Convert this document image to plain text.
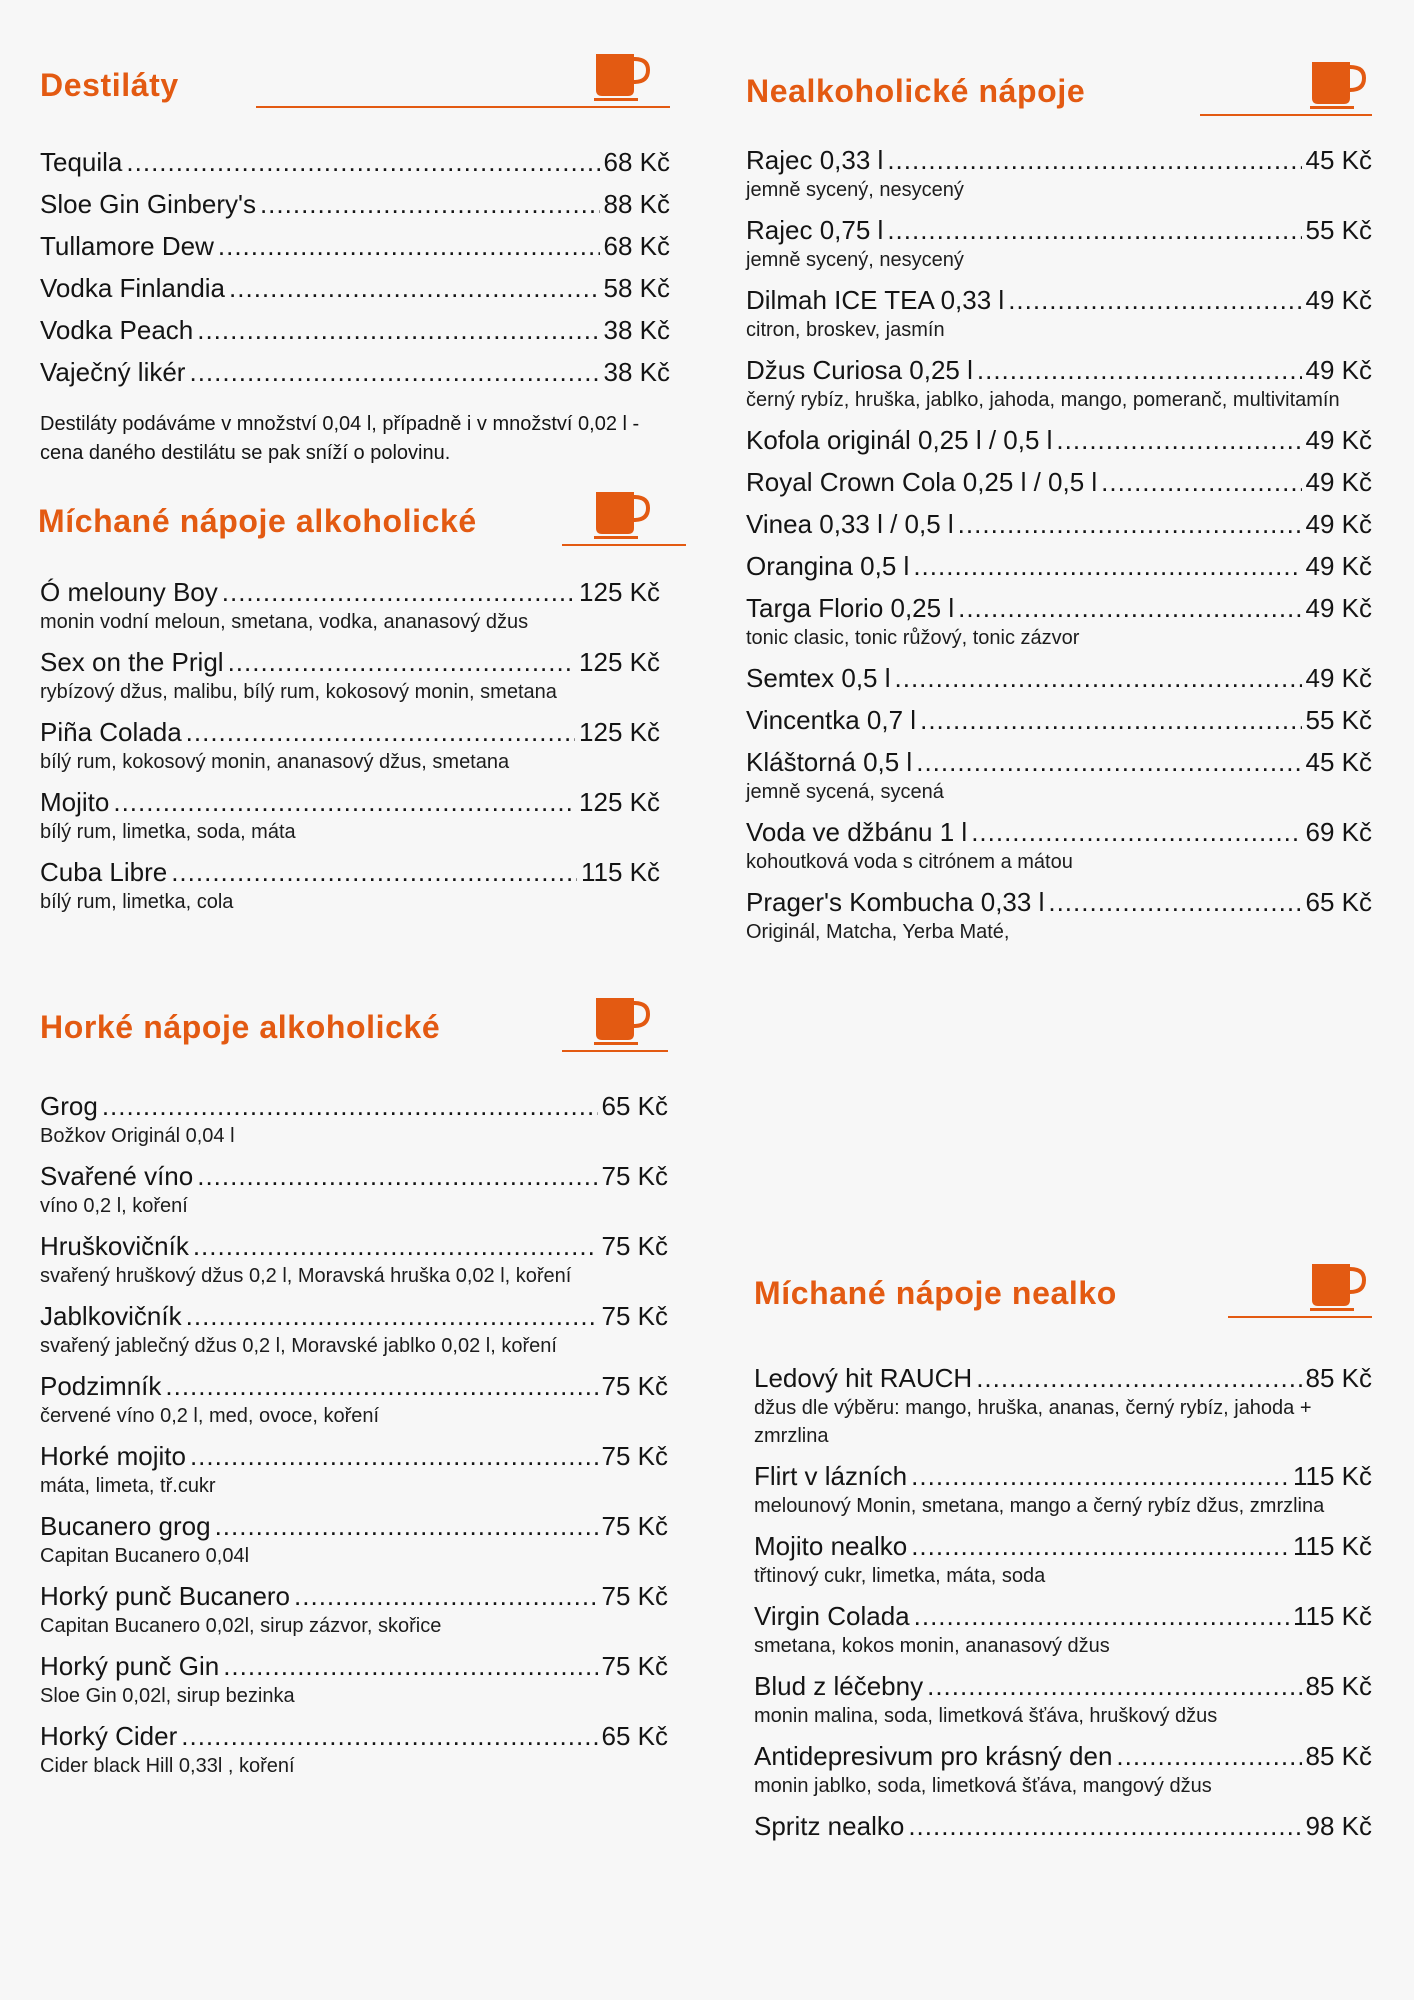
Destiláty
Tequila .....	68 Kč
Sloe Gin Ginbery's .....	88 Kč
Tullamore Dew .....	68 Kč
Vodka Finlandia .....	58 Kč
Vodka Peach .....	38 Kč
Vaječný likér .....	38 Kč
Destiláty podáváme v množství 0,04 l, případně i v množství 0,02 l - cena daného destilátu se pak sníží o polovinu.
Míchané nápoje alkoholické
Ó melouny Boy .....	125 Kč
monin vodní meloun, smetana, vodka, ananasový džus
Sex on the Prigl .....	125 Kč
rybízový džus, malibu, bílý rum, kokosový monin, smetana
Piña Colada .....	125 Kč
bílý rum, kokosový monin, ananasový džus, smetana
Mojito .....	125 Kč
bílý rum, limetka, soda, máta
Cuba Libre .....	115 Kč
bílý rum, limetka, cola
Horké nápoje alkoholické
Grog .....	65 Kč
Božkov Originál 0,04 l
Svařené víno .....	75 Kč
víno 0,2 l, koření
Hruškovičník .....	75 Kč
svařený hruškový džus 0,2 l, Moravská hruška 0,02 l, koření
Jablkovičník .....	75 Kč
svařený jablečný džus 0,2 l, Moravské jablko 0,02 l, koření
Podzimník .....	75 Kč
červené víno 0,2 l, med, ovoce, koření
Horké mojito .....	75 Kč
máta, limeta, tř.cukr
Bucanero grog .....	75 Kč
Capitan Bucanero 0,04l
Horký punč Bucanero .....	75 Kč
Capitan Bucanero 0,02l, sirup zázvor, skořice
Horký punč Gin .....	75 Kč
Sloe Gin 0,02l, sirup bezinka
Horký Cider .....	65 Kč
Cider black Hill 0,33l , koření
Nealkoholické nápoje
Rajec 0,33 l .....	45 Kč
jemně sycený, nesycený
Rajec 0,75 l .....	55 Kč
jemně sycený, nesycený
Dilmah ICE TEA 0,33 l .....	49 Kč
citron, broskev, jasmín
Džus Curiosa 0,25 l .....	49 Kč
černý rybíz, hruška, jablko, jahoda, mango, pomeranč, multivitamín
Kofola originál 0,25 l / 0,5 l .....	49 Kč
Royal Crown Cola 0,25 l / 0,5 l .....	49 Kč
Vinea 0,33 l / 0,5 l .....	49 Kč
Orangina 0,5 l .....	49 Kč
Targa Florio 0,25 l .....	49 Kč
tonic clasic, tonic růžový, tonic zázvor
Semtex 0,5 l .....	49 Kč
Vincentka 0,7 l .....	55 Kč
Kláštorná 0,5 l .....	45 Kč
jemně sycená, sycená
Voda ve džbánu 1 l .....	69 Kč
kohoutková voda s citrónem a mátou
Prager's Kombucha 0,33 l .....	65 Kč
Originál, Matcha, Yerba Maté,
Míchané nápoje nealko
Ledový hit RAUCH .....	85 Kč
džus dle výběru: mango, hruška, ananas, černý rybíz, jahoda + zmrzlina
Flirt v lázních .....	115 Kč
melounový Monin, smetana, mango a černý rybíz džus, zmrzlina
Mojito nealko .....	115 Kč
třtinový cukr, limetka, máta, soda
Virgin Colada .....	115 Kč
smetana, kokos monin, ananasový džus
Blud z léčebny .....	85 Kč
monin malina, soda, limetková šťáva, hruškový džus
Antidepresivum pro krásný den .....	85 Kč
monin jablko, soda, limetková šťáva, mangový džus
Spritz nealko .....	98 Kč
